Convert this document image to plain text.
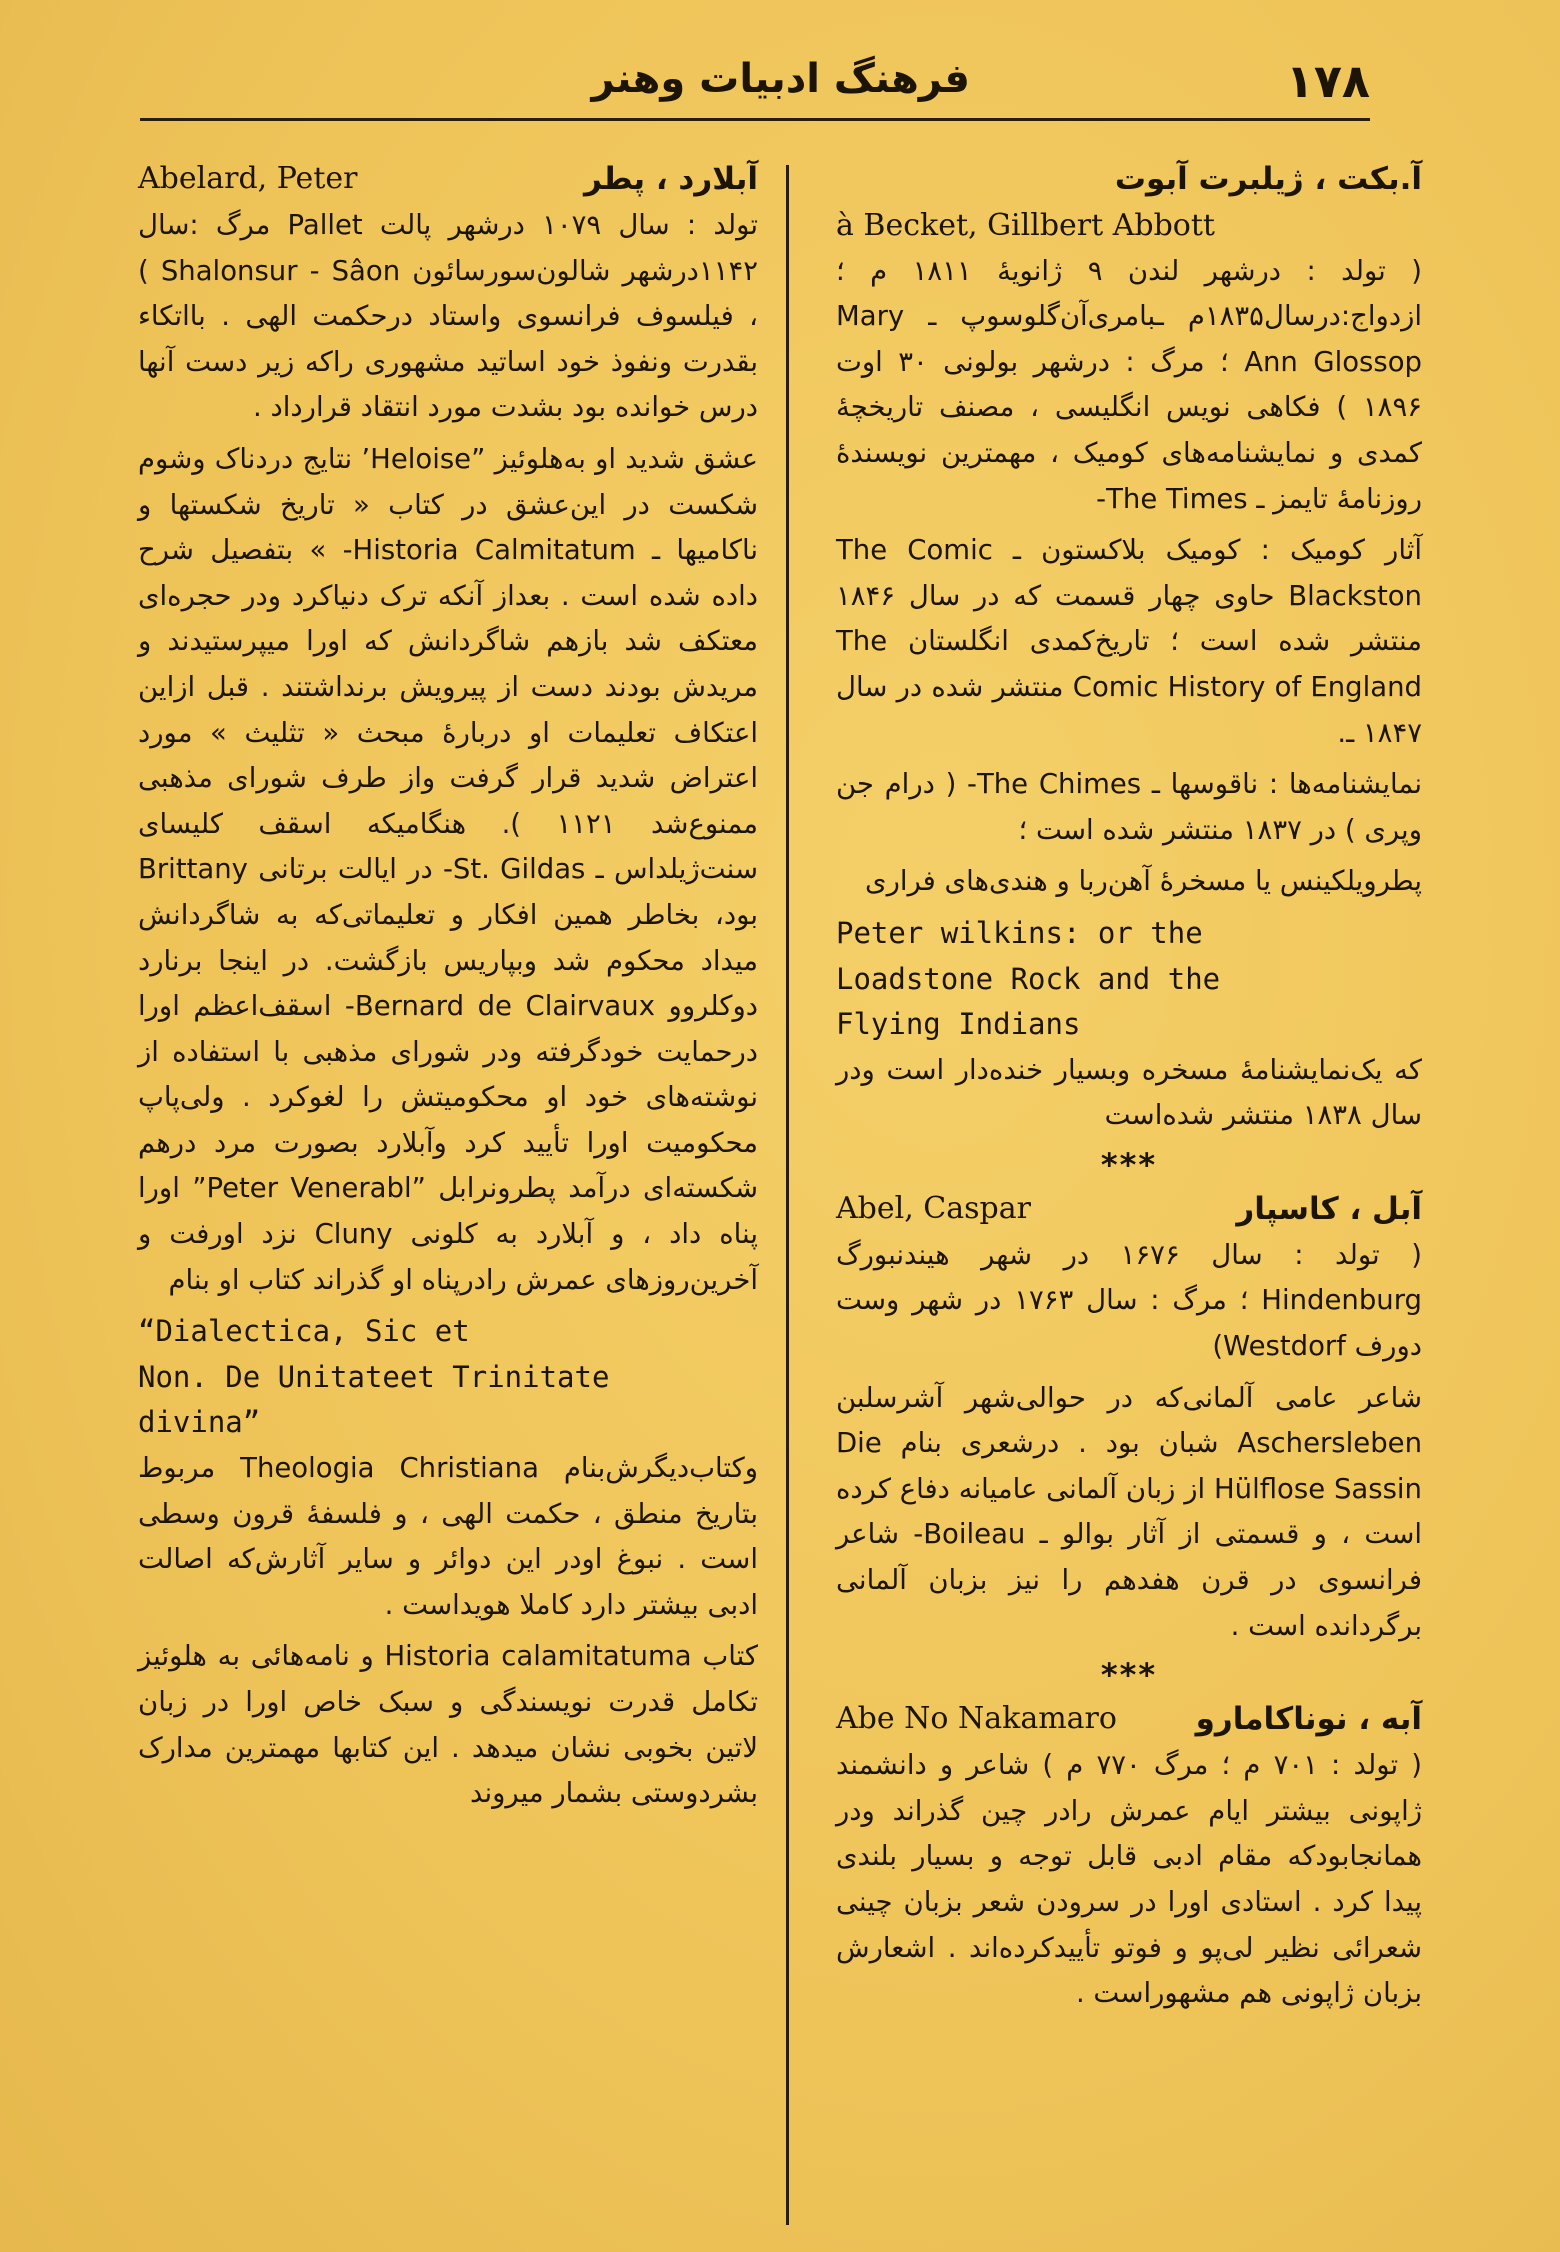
۱۷۸
فرهنگ ادبیات وهنر
آ.بکت ، ژیلبرت آبوت

à Becket, Gillbert Abbott

( تولد : درشهر لندن ۹ ژانویهٔ ۱۸۱۱ م ؛ ازدواج:درسال۱۸۳۵م ـبامری‌آن‌گلوسوپ ـ Mary Ann Glossop ؛ مرگ : درشهر بولونی ۳۰ اوت ۱۸۹۶ ) فکاهی نویس انگلیسی ، مصنف تاریخچهٔ کمدی و نمایشنامه‌های کومیک ، مهمترین نویسندهٔ روزنامهٔ تایمز ـ The Times-

آثار کومیک : کومیک بلاکستون ـ The Comic Blackston حاوی چهار قسمت که در سال ۱۸۴۶ منتشر شده است ؛ تاریخ‌کمدی انگلستان The Comic History of England منتشر شده در سال ۱۸۴۷ ـ.

نمایشنامه‌ها : ناقوسها ـ The Chimes- ( درام جن وپری ) در ۱۸۳۷ منتشر شده است ؛

پطرویلکینس یا مسخرهٔ آهن‌ربا و هندی‌های فراری

Peter wilkins: or the

Loadstone Rock and the

Flying Indians

که یک‌نمایشنامهٔ مسخره وبسیار خنده‌دار است ودر سال ۱۸۳۸ منتشر شده‌است

***
Abel, Caspar	آبل ، کاسپار

( تولد : سال ۱۶۷۶ در شهر هیندنبورگ Hindenburg ؛ مرگ : سال ۱۷۶۳ در شهر وست دورف Westdorf)

شاعر عامی آلمانی‌که در حوالی‌شهر آشرسلبن Aschersleben شبان بود . درشعری بنام Die Hülflose Sassin از زبان آلمانی عامیانه دفاع کرده است ، و قسمتی از آثار بوالو ـ Boileau- شاعر فرانسوی در قرن هفدهم را نیز بزبان آلمانی برگردانده است .

***
Abe No Nakamaro	آبه ، نوناکامارو

( تولد : ۷۰۱ م ؛ مرگ ۷۷۰ م ) شاعر و دانشمند ژاپونی بیشتر ایام عمرش رادر چین گذراند ودر همانجابودکه مقام ادبی قابل توجه و بسیار بلندی پیدا کرد . استادی اورا در سرودن شعر بزبان چینی شعرائی نظیر لی‌پو و فوتو تأییدکرده‌اند . اشعارش بزبان ژاپونی هم مشهوراست .

Abelard, Peter	آبلارد ، پطر

تولد : سال ۱۰۷۹ درشهر پالت Pallet مرگ :سال ۱۱۴۲درشهر شالون‌سورسائون Shalonsur - Sâon ) ، فیلسوف فرانسوی واستاد درحکمت الهی . بااتکاء بقدرت ونفوذ خود اساتید مشهوری راکه زیر دست آنها درس خوانده بود بشدت مورد انتقاد قرارداد .

عشق شدید او به‌هلوئیز ”Heloise’ نتایج دردناک وشوم شکست در این‌عشق در کتاب « تاریخ شکستها و ناکامیها ـ Historia Calmitatum- » بتفصیل شرح داده شده است . بعداز آنکه ترک دنیاکرد ودر حجره‌ای معتکف شد بازهم شاگردانش که اورا میپرستیدند و مریدش بودند دست از پیرویش برنداشتند . قبل ازاین اعتکاف تعلیمات او دربارهٔ مبحث « تثلیث » مورد اعتراض شدید قرار گرفت واز طرف شورای مذهبی ممنوع‌شد ۱۱۲۱ ). هنگامیکه اسقف کلیسای سنت‌ژیلداس ـ St. Gildas- در ایالت برتانی Brittany بود، بخاطر همین افکار و تعلیماتی‌که به شاگردانش میداد محکوم شد وبپاریس بازگشت. در اینجا برنارد دوکلروو Bernard de Clairvaux- اسقف‌اعظم اورا درحمایت خودگرفته ودر شورای مذهبی با استفاده از نوشته‌های خود او محکومیتش را لغوکرد . ولی‌پاپ محکومیت اورا تأیید کرد وآبلارد بصورت مرد درهم شکسته‌ای درآمد پطرونرابل ”Peter Venerabl” اورا پناه داد ، و آبلارد به کلونی Cluny نزد اورفت و آخرین‌روزهای عمرش رادرپناه او گذراند کتاب او بنام

“Dialectica, Sic et

Non. De Unitateet Trinitate

divina”

وکتاب‌دیگرش‌بنام Theologia Christiana مربوط بتاریخ منطق ، حکمت الهی ، و فلسفهٔ قرون وسطی است . نبوغ اودر این دوائر و سایر آثارش‌که اصالت ادبی بیشتر دارد کاملا هویداست .

کتاب Historia calamitatuma و نامه‌هائی به هلوئیز تکامل قدرت نویسندگی و سبک خاص اورا در زبان لاتین بخوبی نشان میدهد . این کتابها مهمترین مدارک بشردوستی بشمار میروند
